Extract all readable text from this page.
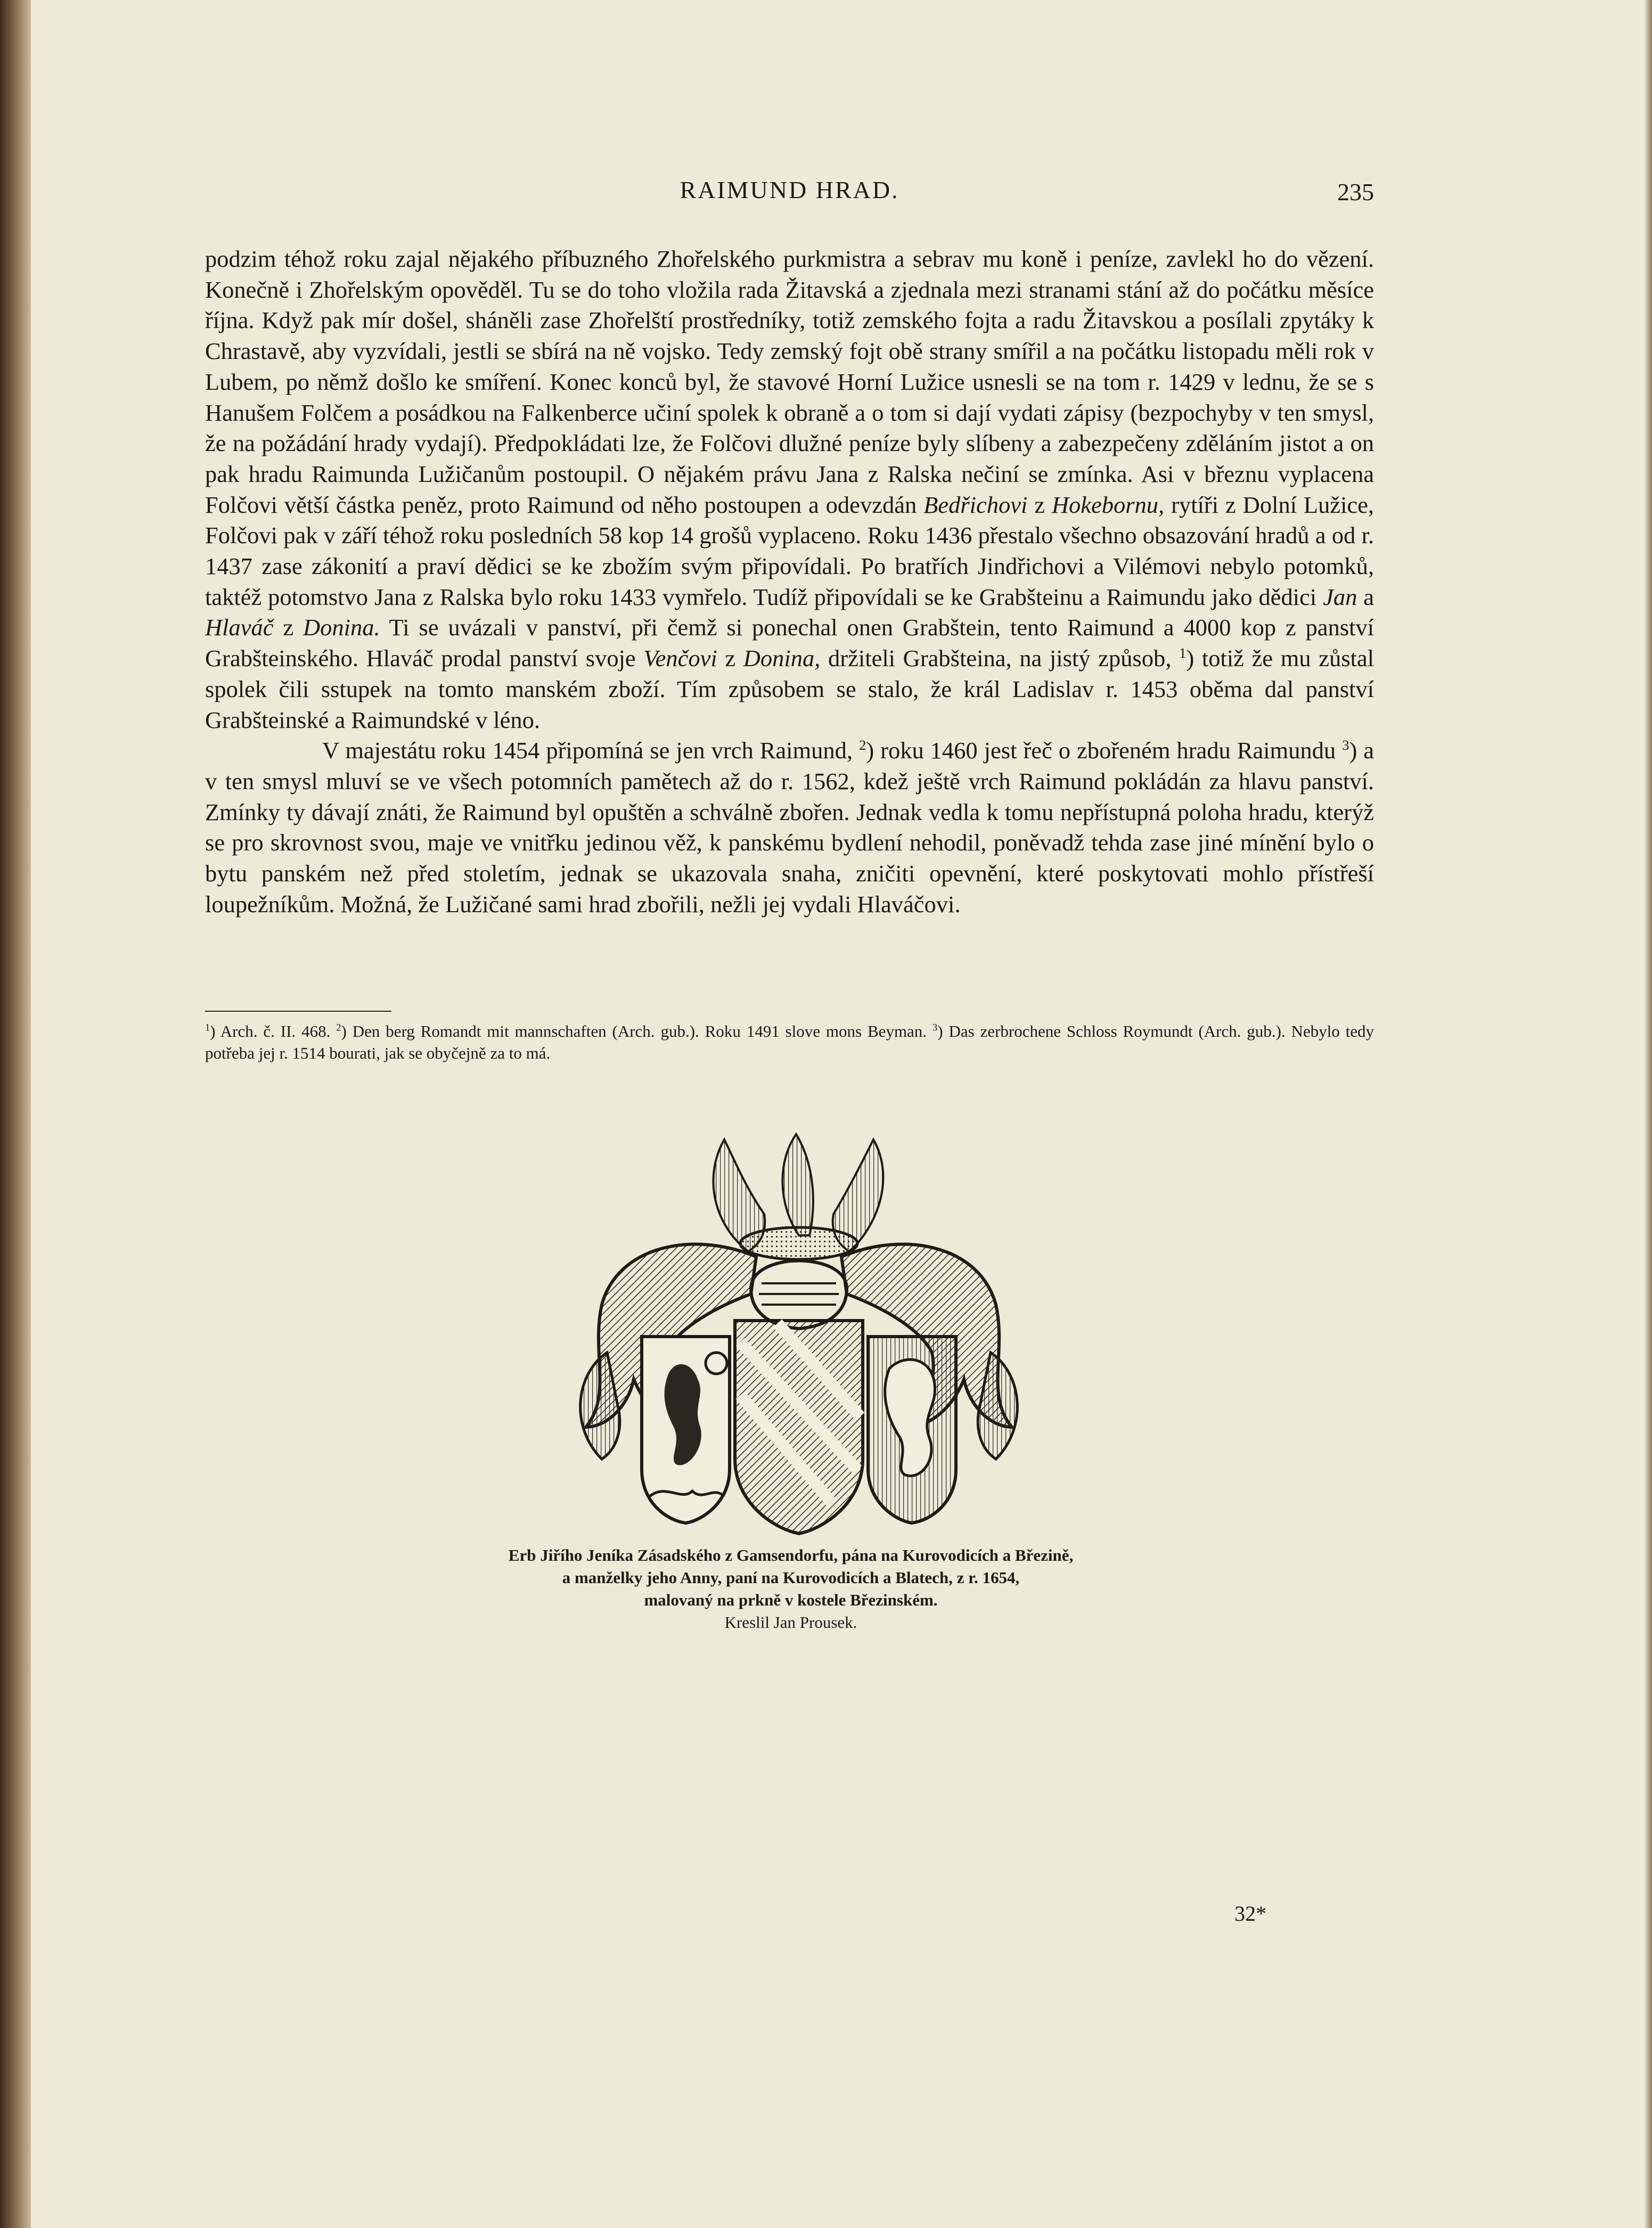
RAIMUND HRAD.	235

podzim téhož roku zajal nějakého příbuzného Zhořelského purkmistra a sebrav mu koně i peníze, zavlekl ho do vězení. Konečně i Zhořelským opověděl. Tu se do toho vložila rada Žitavská a zjednala mezi stranami stání až do počátku měsíce října. Když pak mír došel, sháněli zase Zhořelští prostředníky, totiž zemského fojta a radu Žitavskou a posílali zpytáky k Chrastavě, aby vyzvídali, jestli se sbírá na ně vojsko. Tedy zemský fojt obě strany smířil a na počátku listopadu měli rok v Lubem, po němž došlo ke smíření. Konec konců byl, že stavové Horní Lužice usnesli se na tom r. 1429 v lednu, že se s Hanušem Folčem a posádkou na Falkenberce učiní spolek k obraně a o tom si dají vydati zápisy (bezpochyby v ten smysl, že na požádání hrady vydají). Předpokládati lze, že Folčovi dlužné peníze byly slíbeny a zabezpečeny zděláním jistot a on pak hradu Raimunda Lužičanům postoupil. O nějakém právu Jana z Ralska nečiní se zmínka. Asi v březnu vyplacena Folčovi větší částka peněz, proto Raimund od něho postoupen a odevzdán Bedřichovi z Hokebornu, rytíři z Dolní Lužice, Folčovi pak v září téhož roku posledních 58 kop 14 grošů vyplaceno. Roku 1436 přestalo všechno obsazování hradů a od r. 1437 zase zákonití a praví dědici se ke zbožím svým připovídali. Po bratřích Jindřichovi a Vilémovi nebylo potomků, taktéž potomstvo Jana z Ralska bylo roku 1433 vymřelo. Tudíž připovídali se ke Grabšteinu a Raimundu jako dědici Jan a Hlaváč z Donina. Ti se uvázali v panství, při čemž si ponechal onen Grabštein, tento Raimund a 4000 kop z panství Grabšteinského. Hlaváč prodal panství svoje Venčovi z Donina, držiteli Grabšteina, na jistý způsob, $^1$) totiž že mu zůstal spolek čili sstupek na tomto manském zboží. Tím způsobem se stalo, že král Ladislav r. 1453 oběma dal panství Grabšteinské a Raimundské v léno.

V majestátu roku 1454 připomíná se jen vrch Raimund, $^2$) roku 1460 jest řeč o zbořeném hradu Raimundu $^3$) a v ten smysl mluví se ve všech potomních pamětech až do r. 1562, kdež ještě vrch Raimund pokládán za hlavu panství. Zmínky ty dávají znáti, že Raimund byl opuštěn a schválně zbořen. Jednak vedla k tomu nepřístupná poloha hradu, kterýž se pro skrovnost svou, maje ve vnitřku jedinou věž, k panskému bydlení nehodil, poněvadž tehda zase jiné mínění bylo o bytu panském než před stoletím, jednak se ukazovala snaha, zničiti opevnění, které poskytovati mohlo přístřeší loupežníkům. Možná, že Lužičané sami hrad zbořili, nežli jej vydali Hlaváčovi.

$^1$) Arch. č. II. 468. $^2$) Den berg Romandt mit mannschaften (Arch. gub.). Roku 1491 slove mons Beyman. $^3$) Das zerbrochene Schloss Roymundt (Arch. gub.). Nebylo tedy potřeba jej r. 1514 bourati, jak se obyčejně za to má.

Erb Jiřího Jeníka Zásadského z Gamsendorfu, pána na Kurovodicích a Březině,
a manželky jeho Anny, paní na Kurovodicích a Blatech, z r. 1654,
malovaný na prkně v kostele Březinském.
Kreslil Jan Prousek.
32*
